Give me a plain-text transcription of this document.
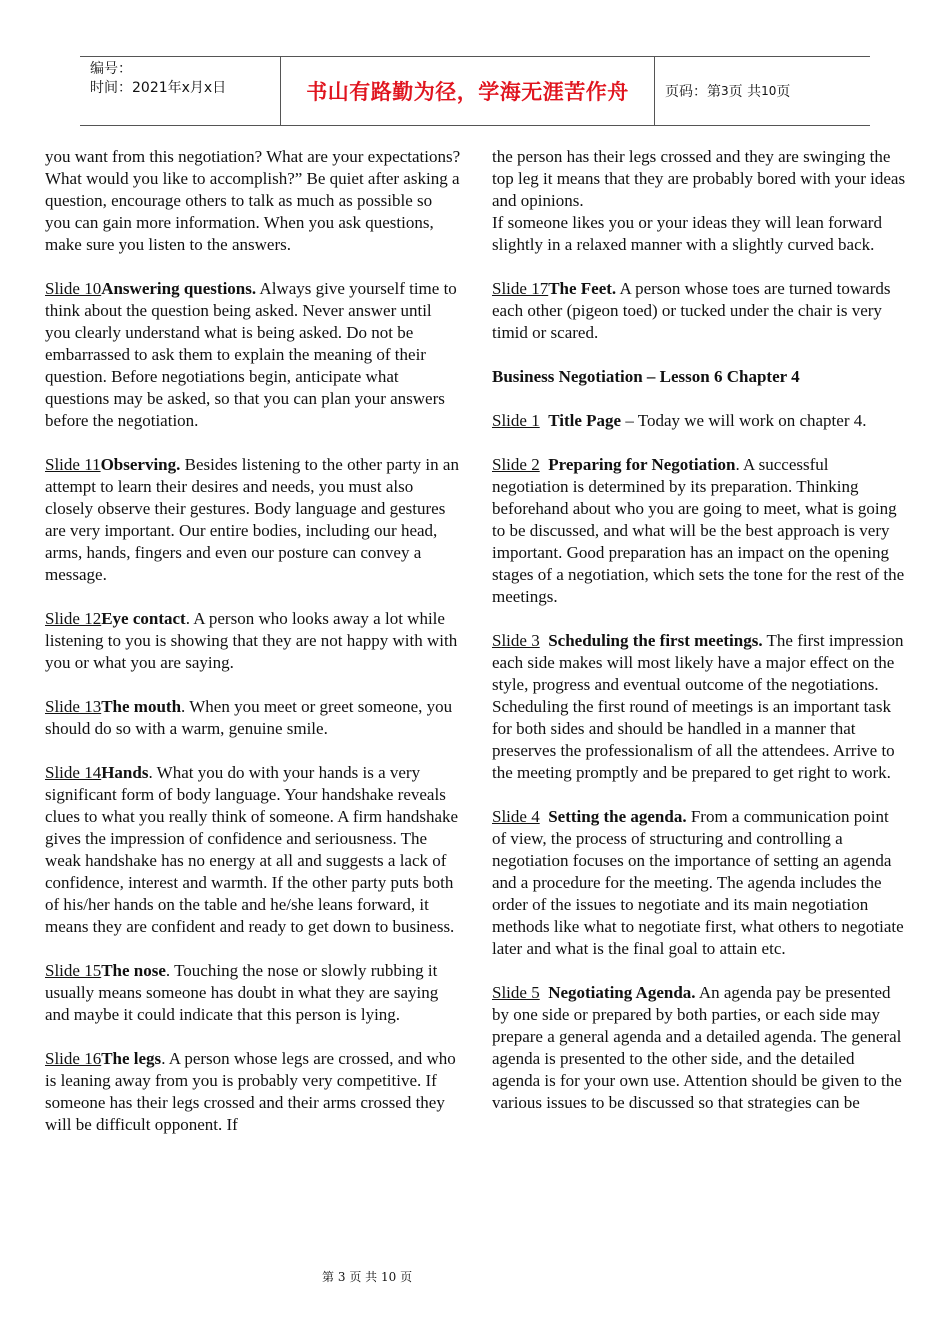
编号：
时间：2021年x月x日	书山有路勤为径，学海无涯苦作舟	页码：第 3 页 共 10 页

you want from this negotiation? What are your expectations? What would you like to accomplish?” Be quiet after asking a question, encourage others to talk as much as possible so you can gain more information. When you ask questions, make sure you listen to the answers.

Slide 10Answering questions. Always give yourself time to think about the question being asked. Never answer until you clearly understand what is being asked. Do not be embarrassed to ask them to explain the meaning of their question. Before negotiations begin, anticipate what questions may be asked, so that you can plan your answers before the negotiation.

Slide 11Observing. Besides listening to the other party in an attempt to learn their desires and needs, you must also closely observe their gestures. Body language and gestures are very important. Our entire bodies, including our head, arms, hands, fingers and even our posture can convey a message.

Slide 12Eye contact. A person who looks away a lot while listening to you is showing that they are not happy with with you or what you are saying.

Slide 13The mouth. When you meet or greet someone, you should do so with a warm, genuine smile.

Slide 14Hands. What you do with your hands is a very significant form of body language. Your handshake reveals clues to what you really think of someone. A firm handshake gives the impression of confidence and seriousness. The weak handshake has no energy at all and suggests a lack of confidence, interest and warmth. If the other party puts both of his/her hands on the table and he/she leans forward, it means they are confident and ready to get down to business.

Slide 15The nose. Touching the nose or slowly rubbing it usually means someone has doubt in what they are saying and maybe it could indicate that this person is lying.

Slide 16The legs. A person whose legs are crossed, and who is leaning away from you is probably very competitive. If someone has their legs crossed and their arms crossed they will be difficult opponent. If

the person has their legs crossed and they are swinging the top leg it means that they are probably bored with your ideas and opinions.
If someone likes you or your ideas they will lean forward slightly in a relaxed manner with a slightly curved back.

Slide 17The Feet. A person whose toes are turned towards each other (pigeon toed) or tucked under the chair is very timid or scared.

Business Negotiation – Lesson 6 Chapter 4

Slide 1 Title Page – Today we will work on chapter 4.

Slide 2 Preparing for Negotiation. A successful negotiation is determined by its preparation. Thinking beforehand about who you are going to meet, what is going to be discussed, and what will be the best approach is very important. Good preparation has an impact on the opening stages of a negotiation, which sets the tone for the rest of the meetings.

Slide 3 Scheduling the first meetings. The first impression each side makes will most likely have a major effect on the style, progress and eventual outcome of the negotiations. Scheduling the first round of meetings is an important task for both sides and should be handled in a manner that preserves the professionalism of all the attendees. Arrive to the meeting promptly and be prepared to get right to work.

Slide 4 Setting the agenda. From a communication point of view, the process of structuring and controlling a negotiation focuses on the importance of setting an agenda and a procedure for the meeting. The agenda includes the order of the issues to negotiate and its main negotiation methods like what to negotiate first, what others to negotiate later and what is the final goal to attain etc.

Slide 5 Negotiating Agenda. An agenda pay be presented by one side or prepared by both parties, or each side may prepare a general agenda and a detailed agenda. The general agenda is presented to the other side, and the detailed agenda is for your own use. Attention should be given to the various issues to be discussed so that strategies can be

第 3 页 共 10 页
